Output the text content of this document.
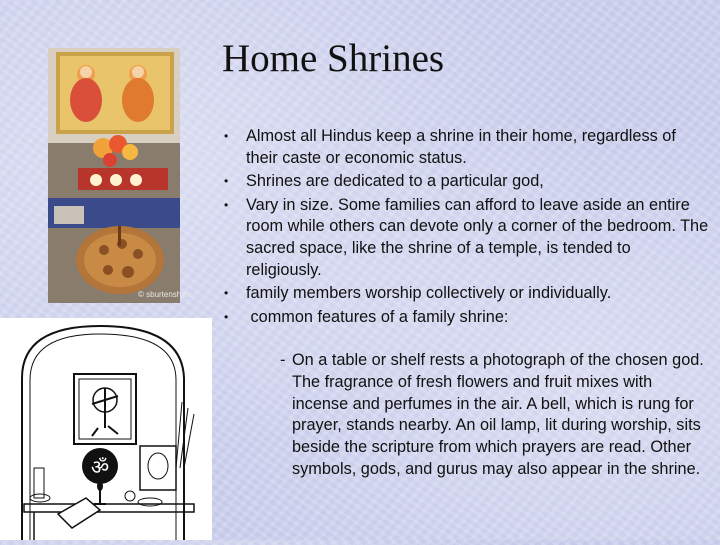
Home Shrines
© sburtenshaw
ॐ
• Almost all Hindus keep a shrine in their home, regardless of their caste or economic status.
• Shrines are dedicated to a particular god,
• Vary in size. Some families can afford to leave aside an entire room while others can devote only a corner of the bedroom. The sacred space, like the shrine of a temple, is tended to religiously.
• family members worship collectively or individually.
• common features of a family shrine:
- On a table or shelf rests a photograph of the chosen god. The fragrance of fresh flowers and fruit mixes with incense and perfumes in the air. A bell, which is rung for prayer, stands nearby. An oil lamp, lit during worship, sits beside the scripture from which prayers are read. Other symbols, gods, and gurus may also appear in the shrine.
